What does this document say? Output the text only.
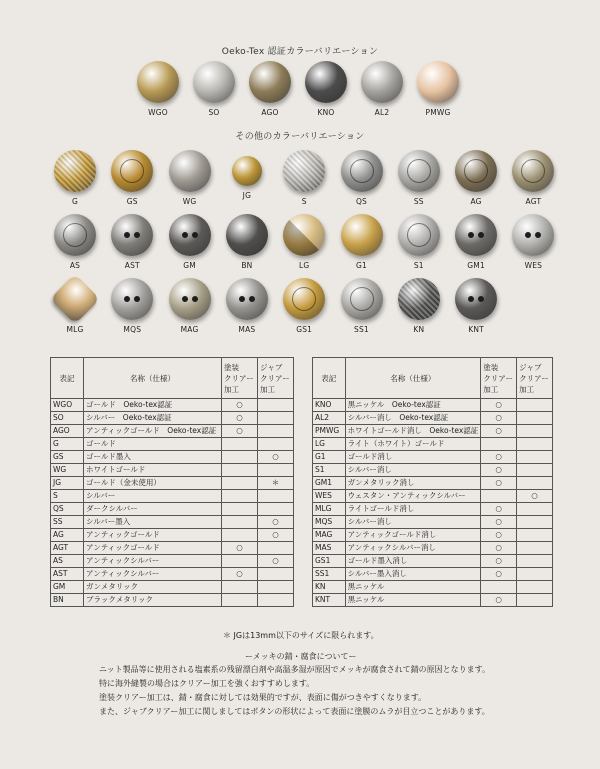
Oeko-Tex 認証カラーバリエーション
WGO	SO	AGO	KNO	AL2	PMWG
その他のカラーバリエーション
G	GS	WG
JG
S	QS	SS	AG	AGT
AS	AST	GM	BN	LG	G1	S1	GM1	WES
MLG	MQS	MAG	MAS	GS1	SS1	KN	KNT
表記	名称（仕様）	塗装
クリアー
加工	ジャブ
クリアー
加工
WGO	ゴールド　Oeko-tex認証	○	
SO	シルバー　Oeko-tex認証	○	
AGO	アンティックゴールド　Oeko-tex認証	○	
G	ゴールド		
GS	ゴールド墨入		○
WG	ホワイトゴールド		
JG	ゴールド（金未使用）		＊
S	シルバー		
QS	ダークシルバー		
SS	シルバー墨入		○
AG	アンティックゴールド		○
AGT	アンティックゴールド	○	
AS	アンティックシルバー		○
AST	アンティックシルバー	○	
GM	ガンメタリック		
BN	ブラックメタリック		
表記	名称（仕様）	塗装
クリアー
加工	ジャブ
クリアー
加工
KNO	黒ニッケル　Oeko-tex認証	○	
AL2	シルバー消し　Oeko-tex認証	○	
PMWG	ホワイトゴールド消し　Oeko-tex認証	○	
LG	ライト（ホワイト）ゴールド		
G1	ゴールド消し	○	
S1	シルバー消し	○	
GM1	ガンメタリック消し	○	
WES	ウェスタン・アンティックシルバー		○
MLG	ライトゴールド消し	○	
MQS	シルバー消し	○	
MAG	アンティックゴールド消し	○	
MAS	アンティックシルバー消し	○	
GS1	ゴールド墨入消し	○	
SS1	シルバー墨入消し	○	
KN	黒ニッケル		
KNT	黒ニッケル	○	
＊ JGは13mm以下のサイズに限られます。
ーメッキの錆・腐食についてー

ニット製品等に使用される塩素系の残留漂白剤や高温多湿が原因でメッキが腐食されて錆の原因となります。

特に海外縫製の場合はクリアー加工を強くおすすめします。

塗装クリアー加工は、錆・腐食に対しては効果的ですが、表面に傷がつきやすくなります。

また、ジャブクリアー加工に関しましてはボタンの形状によって表面に塗膜のムラが目立つことがあります。
